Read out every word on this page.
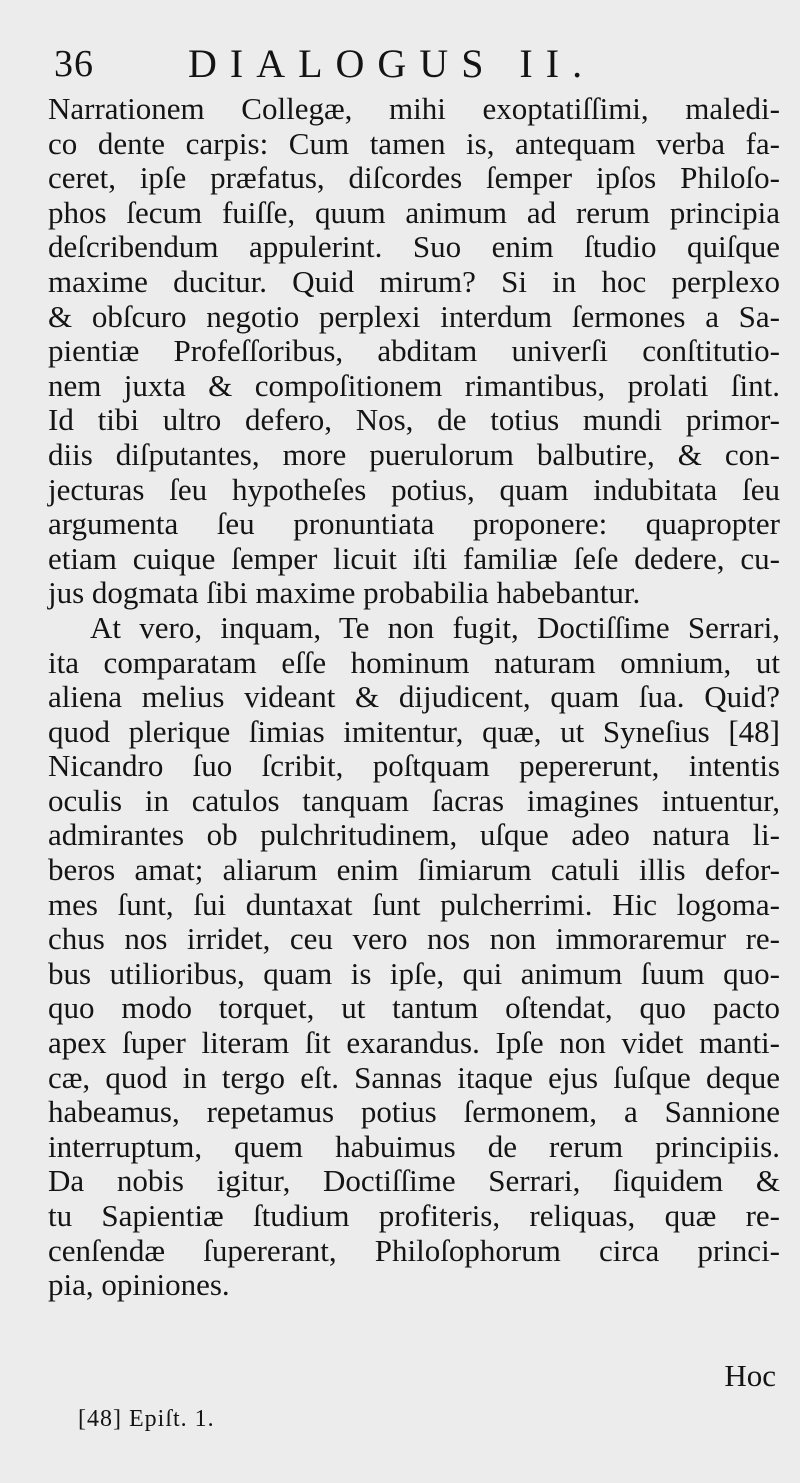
36 DIALOGUS II.
Narrationem Collegæ, mihi exoptatiſſimi, maledi-
co dente carpis: Cum tamen is, antequam verba fa-
ceret, ipſe præfatus, diſcordes ſemper ipſos Philoſo-
phos ſecum fuiſſe, quum animum ad rerum principia
deſcribendum appulerint. Suo enim ſtudio quiſque
maxime ducitur. Quid mirum? Si in hoc perplexo
& obſcuro negotio perplexi interdum ſermones a Sa-
pientiæ Profeſſoribus, abditam univerſi conſtitutio-
nem juxta & compoſitionem rimantibus, prolati ſint.
Id tibi ultro defero, Nos, de totius mundi primor-
diis diſputantes, more puerulorum balbutire, & con-
jecturas ſeu hypotheſes potius, quam indubitata ſeu
argumenta ſeu pronuntiata proponere: quapropter
etiam cuique ſemper licuit iſti familiæ ſeſe dedere, cu-
jus dogmata ſibi maxime probabilia habebantur.
At vero, inquam, Te non fugit, Doctiſſime Serrari,
ita comparatam eſſe hominum naturam omnium, ut
aliena melius videant & dijudicent, quam ſua. Quid?
quod plerique ſimias imitentur, quæ, ut Syneſius [48]
Nicandro ſuo ſcribit, poſtquam pepererunt, intentis
oculis in catulos tanquam ſacras imagines intuentur,
admirantes ob pulchritudinem, uſque adeo natura li-
beros amat; aliarum enim ſimiarum catuli illis defor-
mes ſunt, ſui duntaxat ſunt pulcherrimi. Hic logoma-
chus nos irridet, ceu vero nos non immoraremur re-
bus utilioribus, quam is ipſe, qui animum ſuum quo-
quo modo torquet, ut tantum oſtendat, quo pacto
apex ſuper literam ſit exarandus. Ipſe non videt manti-
cæ, quod in tergo eſt. Sannas itaque ejus ſuſque deque
habeamus, repetamus potius ſermonem, a Sannione
interruptum, quem habuimus de rerum principiis.
Da nobis igitur, Doctiſſime Serrari, ſiquidem &
tu Sapientiæ ſtudium profiteris, reliquas, quæ re-
cenſendæ ſupererant, Philoſophorum circa princi-
pia, opiniones.
Hoc
[48] Epiſt. 1.
